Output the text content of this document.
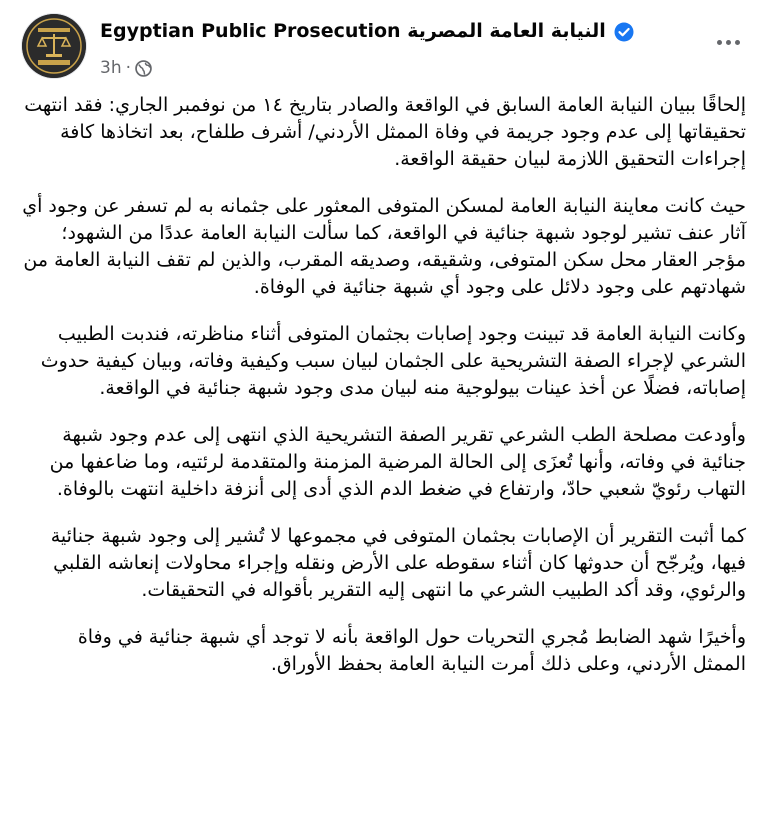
Egyptian Public Prosecution النيابة العامة المصرية
3h ·

إلحاقًا ببيان النيابة العامة السابق في الواقعة والصادر بتاريخ ١٤ من نوفمبر الجاري: فقد انتهت تحقيقاتها إلى عدم وجود جريمة في وفاة الممثل الأردني/ أشرف طلفاح، بعد اتخاذها كافة إجراءات التحقيق اللازمة لبيان حقيقة الواقعة.

حيث كانت معاينة النيابة العامة لمسكن المتوفى المعثور على جثمانه به لم تسفر عن وجود أي آثار عنف تشير لوجود شبهة جنائية في الواقعة، كما سألت النيابة العامة عددًا من الشهود؛ مؤجر العقار محل سكن المتوفى، وشقيقه، وصديقه المقرب، والذين لم تقف النيابة العامة من شهادتهم على وجود دلائل على وجود أي شبهة جنائية في الوفاة.

وكانت النيابة العامة قد تبينت وجود إصابات بجثمان المتوفى أثناء مناظرته، فندبت الطبيب الشرعي لإجراء الصفة التشريحية على الجثمان لبيان سبب وكيفية وفاته، وبيان كيفية حدوث إصاباته، فضلًا عن أخذ عينات بيولوجية منه لبيان مدى وجود شبهة جنائية في الواقعة.

وأودعت مصلحة الطب الشرعي تقرير الصفة التشريحية الذي انتهى إلى عدم وجود شبهة جنائية في وفاته، وأنها تُعزَى إلى الحالة المرضية المزمنة والمتقدمة لرئتيه، وما ضاعفها من التهاب رئويّ شعبي حادّ، وارتفاع في ضغط الدم الذي أدى إلى أنزفة داخلية انتهت بالوفاة.

كما أثبت التقرير أن الإصابات بجثمان المتوفى في مجموعها لا تُشير إلى وجود شبهة جنائية فيها، ويُرجّح أن حدوثها كان أثناء سقوطه على الأرض ونقله وإجراء محاولات إنعاشه القلبي والرئوي، وقد أكد الطبيب الشرعي ما انتهى إليه التقرير بأقواله في التحقيقات.

وأخيرًا شهد الضابط مُجري التحريات حول الواقعة بأنه لا توجد أي شبهة جنائية في وفاة الممثل الأردني، وعلى ذلك أمرت النيابة العامة بحفظ الأوراق.
